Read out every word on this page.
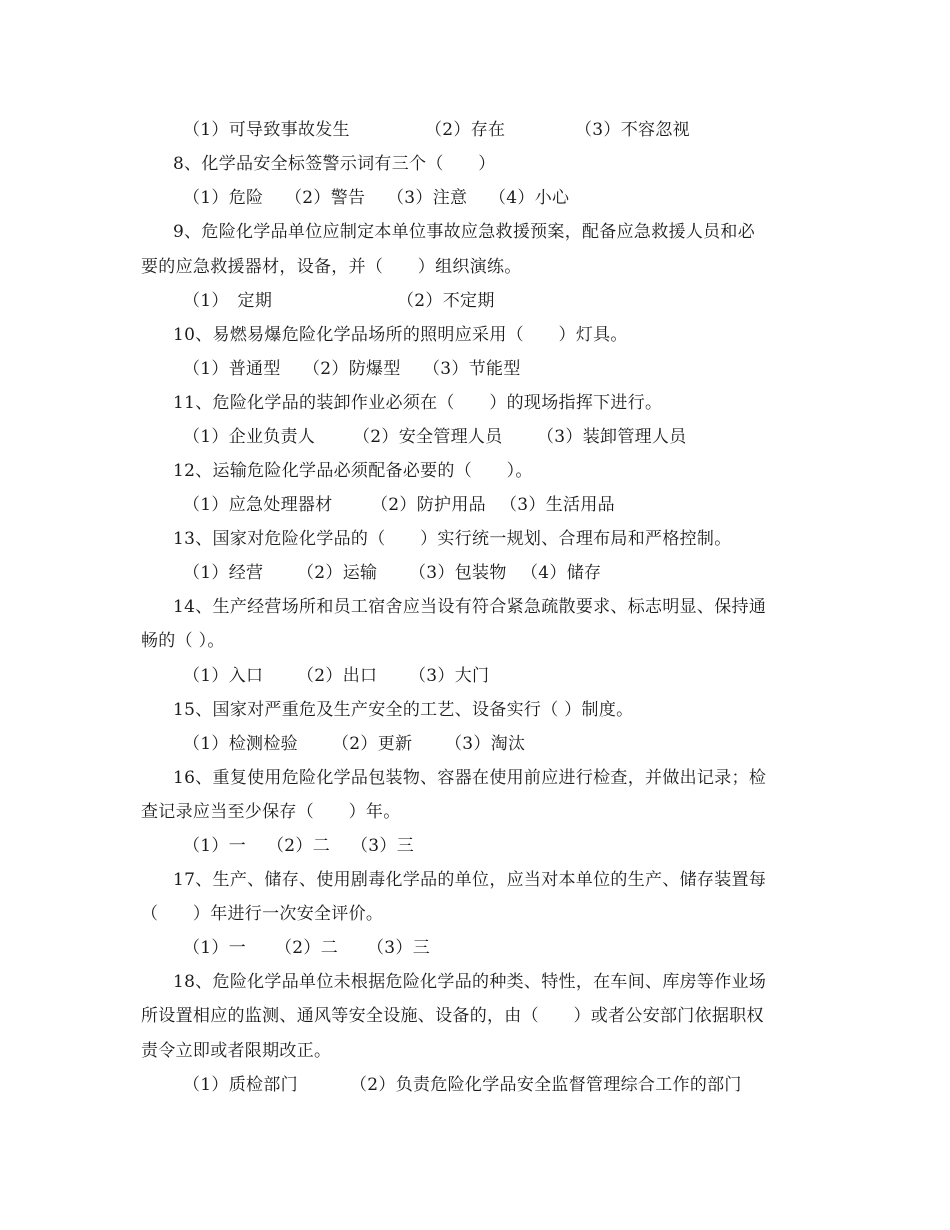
（1）可导致事故发生	（2）存在	（3）不容忽视
8、化学品安全标签警示词有三个（　　）
（1）危险 （2）警告 （3）注意 （4）小心
9、危险化学品单位应制定本单位事故应急救援预案，配备应急救援人员和必
要的应急救援器材，设备，并（　　）组织演练。
（1）　定期	（2）不定期
10、易燃易爆危险化学品场所的照明应采用（　　）灯具。
（1）普通型 （2）防爆型 （3）节能型
11、危险化学品的装卸作业必须在（　　）的现场指挥下进行。
（1）企业负责人 （2）安全管理人员 （3）装卸管理人员
12、运输危险化学品必须配备必要的（　　）。
（1）应急处理器材 （2）防护用品 （3）生活用品
13、国家对危险化学品的（　　）实行统一规划、合理布局和严格控制。
（1）经营 （2）运输 （3）包装物 （4）储存
14、生产经营场所和员工宿舍应当设有符合紧急疏散要求、标志明显、保持通
畅的（ ）。
（1）入口 （2）出口 （3）大门
15、国家对严重危及生产安全的工艺、设备实行（ ）制度。
（1）检测检验 （2）更新 （3）淘汰
16、重复使用危险化学品包装物、容器在使用前应进行检查，并做出记录；检
查记录应当至少保存（　　）年。
（1）一 （2）二 （3）三
17、生产、储存、使用剧毒化学品的单位，应当对本单位的生产、储存装置每
（　　）年进行一次安全评价。
（1）一 （2）二 （3）三
18、危险化学品单位未根据危险化学品的种类、特性，在车间、库房等作业场
所设置相应的监测、通风等安全设施、设备的，由（　　）或者公安部门依据职权
责令立即或者限期改正。
（1）质检部门	（2）负责危险化学品安全监督管理综合工作的部门
